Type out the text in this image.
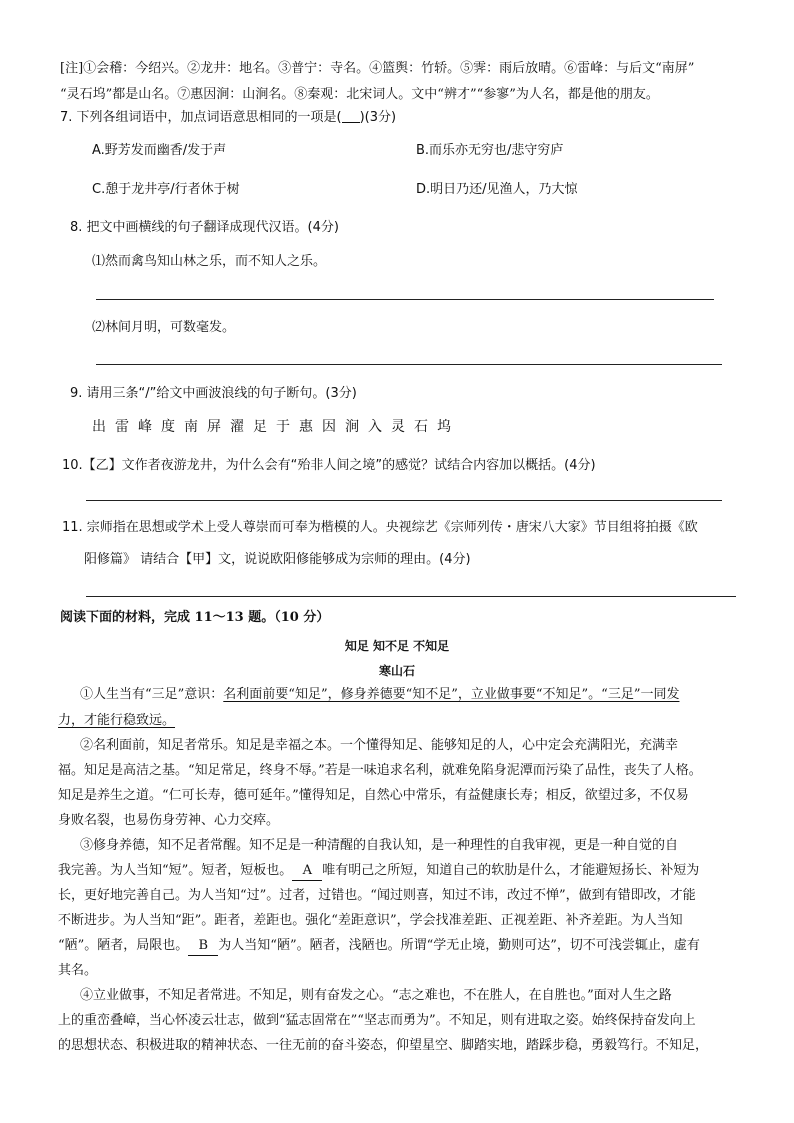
[注]①会稽：今绍兴。②龙井：地名。③普宁：寺名。④篮舆：竹轿。⑤霁：雨后放晴。⑥雷峰：与后文“南屏”
“灵石坞”都是山名。⑦惠因涧：山涧名。⑧秦观：北宋词人。文中“辨才”“参寥”为人名，都是他的朋友。
7. 下列各组词语中，加点词语意思相同的一项是( )(3分)
A.野芳发而幽香/发于声	B.而乐亦无穷也/悲守穷庐
C.憩于龙井亭/行者休于树	D.明日乃还/见渔人，乃大惊
8. 把文中画横线的句子翻译成现代汉语。(4分)
⑴然而禽鸟知山林之乐，而不知人之乐。
⑵林间月明，可数毫发。
9. 请用三条“/”给文中画波浪线的句子断句。(3分)
出雷峰度南屏濯足于惠因涧入灵石坞
10.【乙】文作者夜游龙井，为什么会有“殆非人间之境”的感觉？试结合内容加以概括。(4分)
11. 宗师指在思想或学术上受人尊崇而可奉为楷模的人。央视综艺《宗师列传・唐宋八大家》节目组将拍摄《欧
阳修篇》 请结合【甲】文，说说欧阳修能够成为宗师的理由。(4分)
阅读下面的材料，完成 11～13 题。（10 分）
知足 知不足 不知足
寒山石
①人生当有“三足”意识：名利面前要“知足”，修身养德要“知不足”，立业做事要“不知足”。“三足”一同发
力，才能行稳致远。
②名利面前，知足者常乐。知足是幸福之本。一个懂得知足、能够知足的人，心中定会充满阳光，充满幸
福。知足是高洁之基。“知足常足，终身不辱。”若是一味追求名利，就难免陷身泥潭而污染了品性，丧失了人格。
知足是养生之道。“仁可长寿，德可延年。”懂得知足，自然心中常乐，有益健康长寿；相反，欲望过多，不仅易
身败名裂，也易伤身劳神、心力交瘁。
③修身养德，知不足者常醒。知不足是一种清醒的自我认知，是一种理性的自我审视，更是一种自觉的自
我完善。为人当知“短”。短者，短板也。 A 唯有明己之所短，知道自己的软肋是什么，才能避短扬长、补短为
长，更好地完善自己。为人当知“过”。过者，过错也。“闻过则喜，知过不讳，改过不惮”，做到有错即改，才能
不断进步。为人当知“距”。距者，差距也。强化“差距意识”，学会找准差距、正视差距、补齐差距。为人当知
“陋”。陋者，局限也。 B 为人当知“陋”。陋者，浅陋也。所谓“学无止境，勤则可达”，切不可浅尝辄止，虚有
其名。
④立业做事，不知足者常进。不知足，则有奋发之心。“志之难也，不在胜人，在自胜也。”面对人生之路
上的重峦叠嶂，当心怀凌云壮志，做到“猛志固常在”“坚志而勇为”。不知足，则有进取之姿。始终保持奋发向上
的思想状态、积极进取的精神状态、一往无前的奋斗姿态，仰望星空、脚踏实地，踏踩步稳，勇毅笃行。不知足，
